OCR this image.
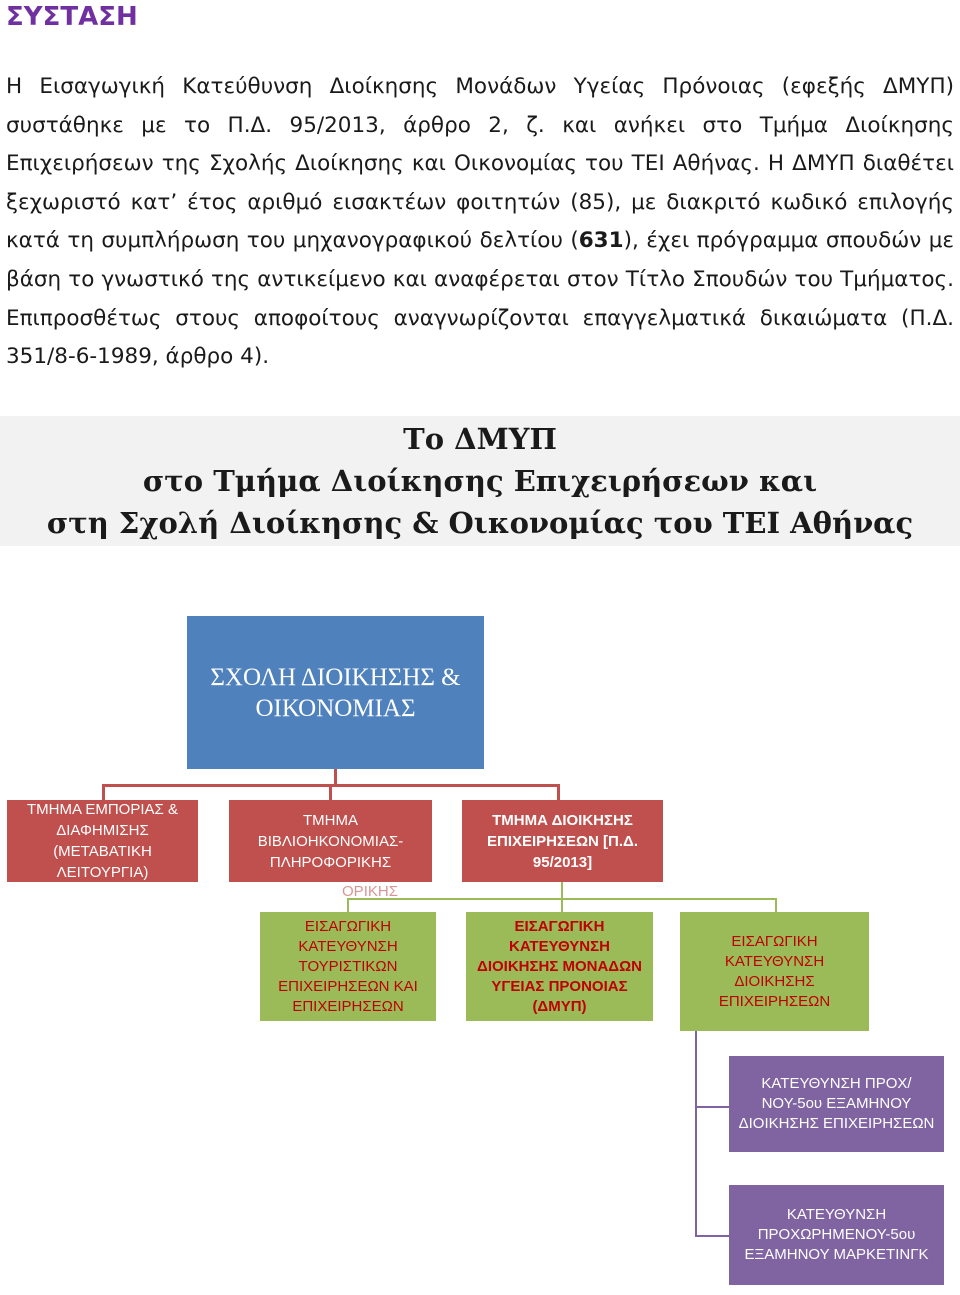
ΣΥΣΤΑΣΗ
Η Εισαγωγική Κατεύθυνση Διοίκησης Μονάδων Υγείας Πρόνοιας (εφεξής ΔΜΥΠ) συστάθηκε με το Π.Δ. 95/2013, άρθρο 2, ζ. και ανήκει στο Τμήμα Διοίκησης Επιχειρήσεων της Σχολής Διοίκησης και Οικονομίας του ΤΕΙ Αθήνας. Η ΔΜΥΠ διαθέτει ξεχωριστό κατ’ έτος αριθμό εισακτέων φοιτητών (85), με διακριτό κωδικό επιλογής κατά τη συμπλήρωση του μηχανογραφικού δελτίου (631), έχει πρόγραμμα σπουδών με βάση το γνωστικό της αντικείμενο και αναφέρεται στον Τίτλο Σπουδών του Τμήματος. Επιπροσθέτως στους αποφοίτους αναγνωρίζονται επαγγελματικά δικαιώματα (Π.Δ. 351/8-6-1989, άρθρο 4).
Το ΔΜΥΠ
στο Τμήμα Διοίκησης Επιχειρήσεων και
στη Σχολή Διοίκησης & Οικονομίας του ΤΕΙ Αθήνας
ΣΧΟΛΗ ΔΙΟΙΚΗΣΗΣ & ΟΙΚΟΝΟΜΙΑΣ
ΤΜΗΜΑ ΕΜΠΟΡΙΑΣ & ΔΙΑΦΗΜΙΣΗΣ (ΜΕΤΑΒΑΤΙΚΗ ΛΕΙΤΟΥΡΓΙΑ)
ΤΜΗΜΑ ΒΙΒΛΙΟΗΚΟΝΟΜΙΑΣ-ΠΛΗΡΟΦΟΡΙΚΗΣ
ΤΜΗΜΑ ΔΙΟΙΚΗΣΗΣ ΕΠΙΧΕΙΡΗΣΕΩΝ [Π.Δ. 95/2013]
ΟΡΙΚΗΣ
ΕΙΣΑΓΩΓΙΚΗ ΚΑΤΕΥΘΥΝΣΗ ΤΟΥΡΙΣΤΙΚΩΝ ΕΠΙΧΕΙΡΗΣΕΩΝ ΚΑΙ ΕΠΙΧΕΙΡΗΣΕΩΝ
ΕΙΣΑΓΩΓΙΚΗ ΚΑΤΕΥΘΥΝΣΗ ΔΙΟΙΚΗΣΗΣ ΜΟΝΑΔΩΝ ΥΓΕΙΑΣ ΠΡΟΝΟΙΑΣ (ΔΜΥΠ)
ΕΙΣΑΓΩΓΙΚΗ ΚΑΤΕΥΘΥΝΣΗ ΔΙΟΙΚΗΣΗΣ ΕΠΙΧΕΙΡΗΣΕΩΝ
ΚΑΤΕΥΘΥΝΣΗ ΠΡΟΧ/ΝΟΥ-5ου ΕΞΑΜΗΝΟΥ ΔΙΟΙΚΗΣΗΣ ΕΠΙΧΕΙΡΗΣΕΩΝ
ΚΑΤΕΥΘΥΝΣΗ ΠΡΟΧΩΡΗΜΕΝΟΥ-5ου ΕΞΑΜΗΝΟΥ ΜΑΡΚΕΤΙΝΓΚ
